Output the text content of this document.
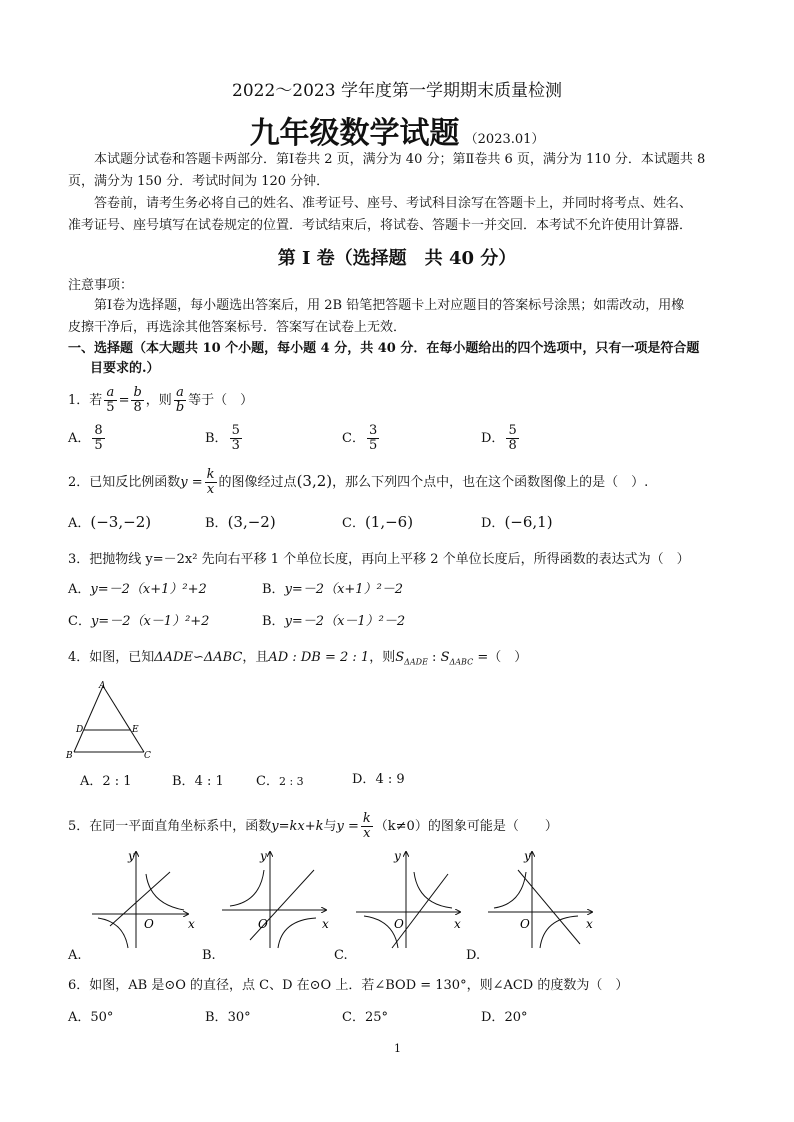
2022～2023 学年度第一学期期末质量检测
九年级数学试题 （2023.01）
本试题分试卷和答题卡两部分．第Ⅰ卷共 2 页，满分为 40 分；第Ⅱ卷共 6 页，满分为 110 分．本试题共 8
页，满分为 150 分．考试时间为 120 分钟．
答卷前，请考生务必将自己的姓名、准考证号、座号、考试科目涂写在答题卡上，并同时将考点、姓名、
准考证号、座号填写在试卷规定的位置．考试结束后，将试卷、答题卡一并交回．本考试不允许使用计算器．
第 I 卷（选择题　共 40 分）
注意事项：
第Ⅰ卷为选择题，每小题选出答案后，用 2B 铅笔把答题卡上对应题目的答案标号涂黑；如需改动，用橡
皮擦干净后，再选涂其他答案标号．答案写在试卷上无效．
一、选择题（本大题共 10 个小题，每小题 4 分，共 40 分．在每小题给出的四个选项中，只有一项是符合题
目要求的.）
1．若 $\frac{a}{5} = \frac{b}{8}$ ，则 $\frac{a}{b}$ 等于（　）
A． $\frac{8}{5}$	B． $\frac{5}{3}$	C． $\frac{3}{5}$	D． $\frac{5}{8}$
2．已知反比例函数$y = \frac{k}{x}$ 的图像经过点(3,2)，那么下列四个点中，也在这个函数图像上的是（　）.
A．(−3,−2)	B．(3,−2)	C．(1,−6)	D．(−6,1)
3．把抛物线 y=－2x² 先向右平移 1 个单位长度，再向上平移 2 个单位长度后，所得函数的表达式为（　）
A．y=－2（x+1）²+2	B．y=－2（x+1）²－2
C．y=－2（x－1）²+2	B．y=－2（x－1）²－2
4．如图，已知ΔADE∽ΔABC，且AD : DB = 2 : 1，则$S_{\Delta ADE}$ : $S_{\Delta ABC}$ =（　）
A
D	E
B	C
A．2 : 1	B．4 : 1 C．2 : 3	D．4 : 9
5．在同一平面直角坐标系中，函数y=kx+k与$y = \frac{k}{x} (k\ne 0)$的图象可能是（　　）
y
x
O
A.
y
x
O
B.
y
x
O
C.
y
x
O
D.
6．如图，AB 是⊙O 的直径，点 C、D 在⊙O 上．若∠BOD = 130°，则∠ACD 的度数为（　）
A．50°	B．30°	C．25°	D．20°
1
